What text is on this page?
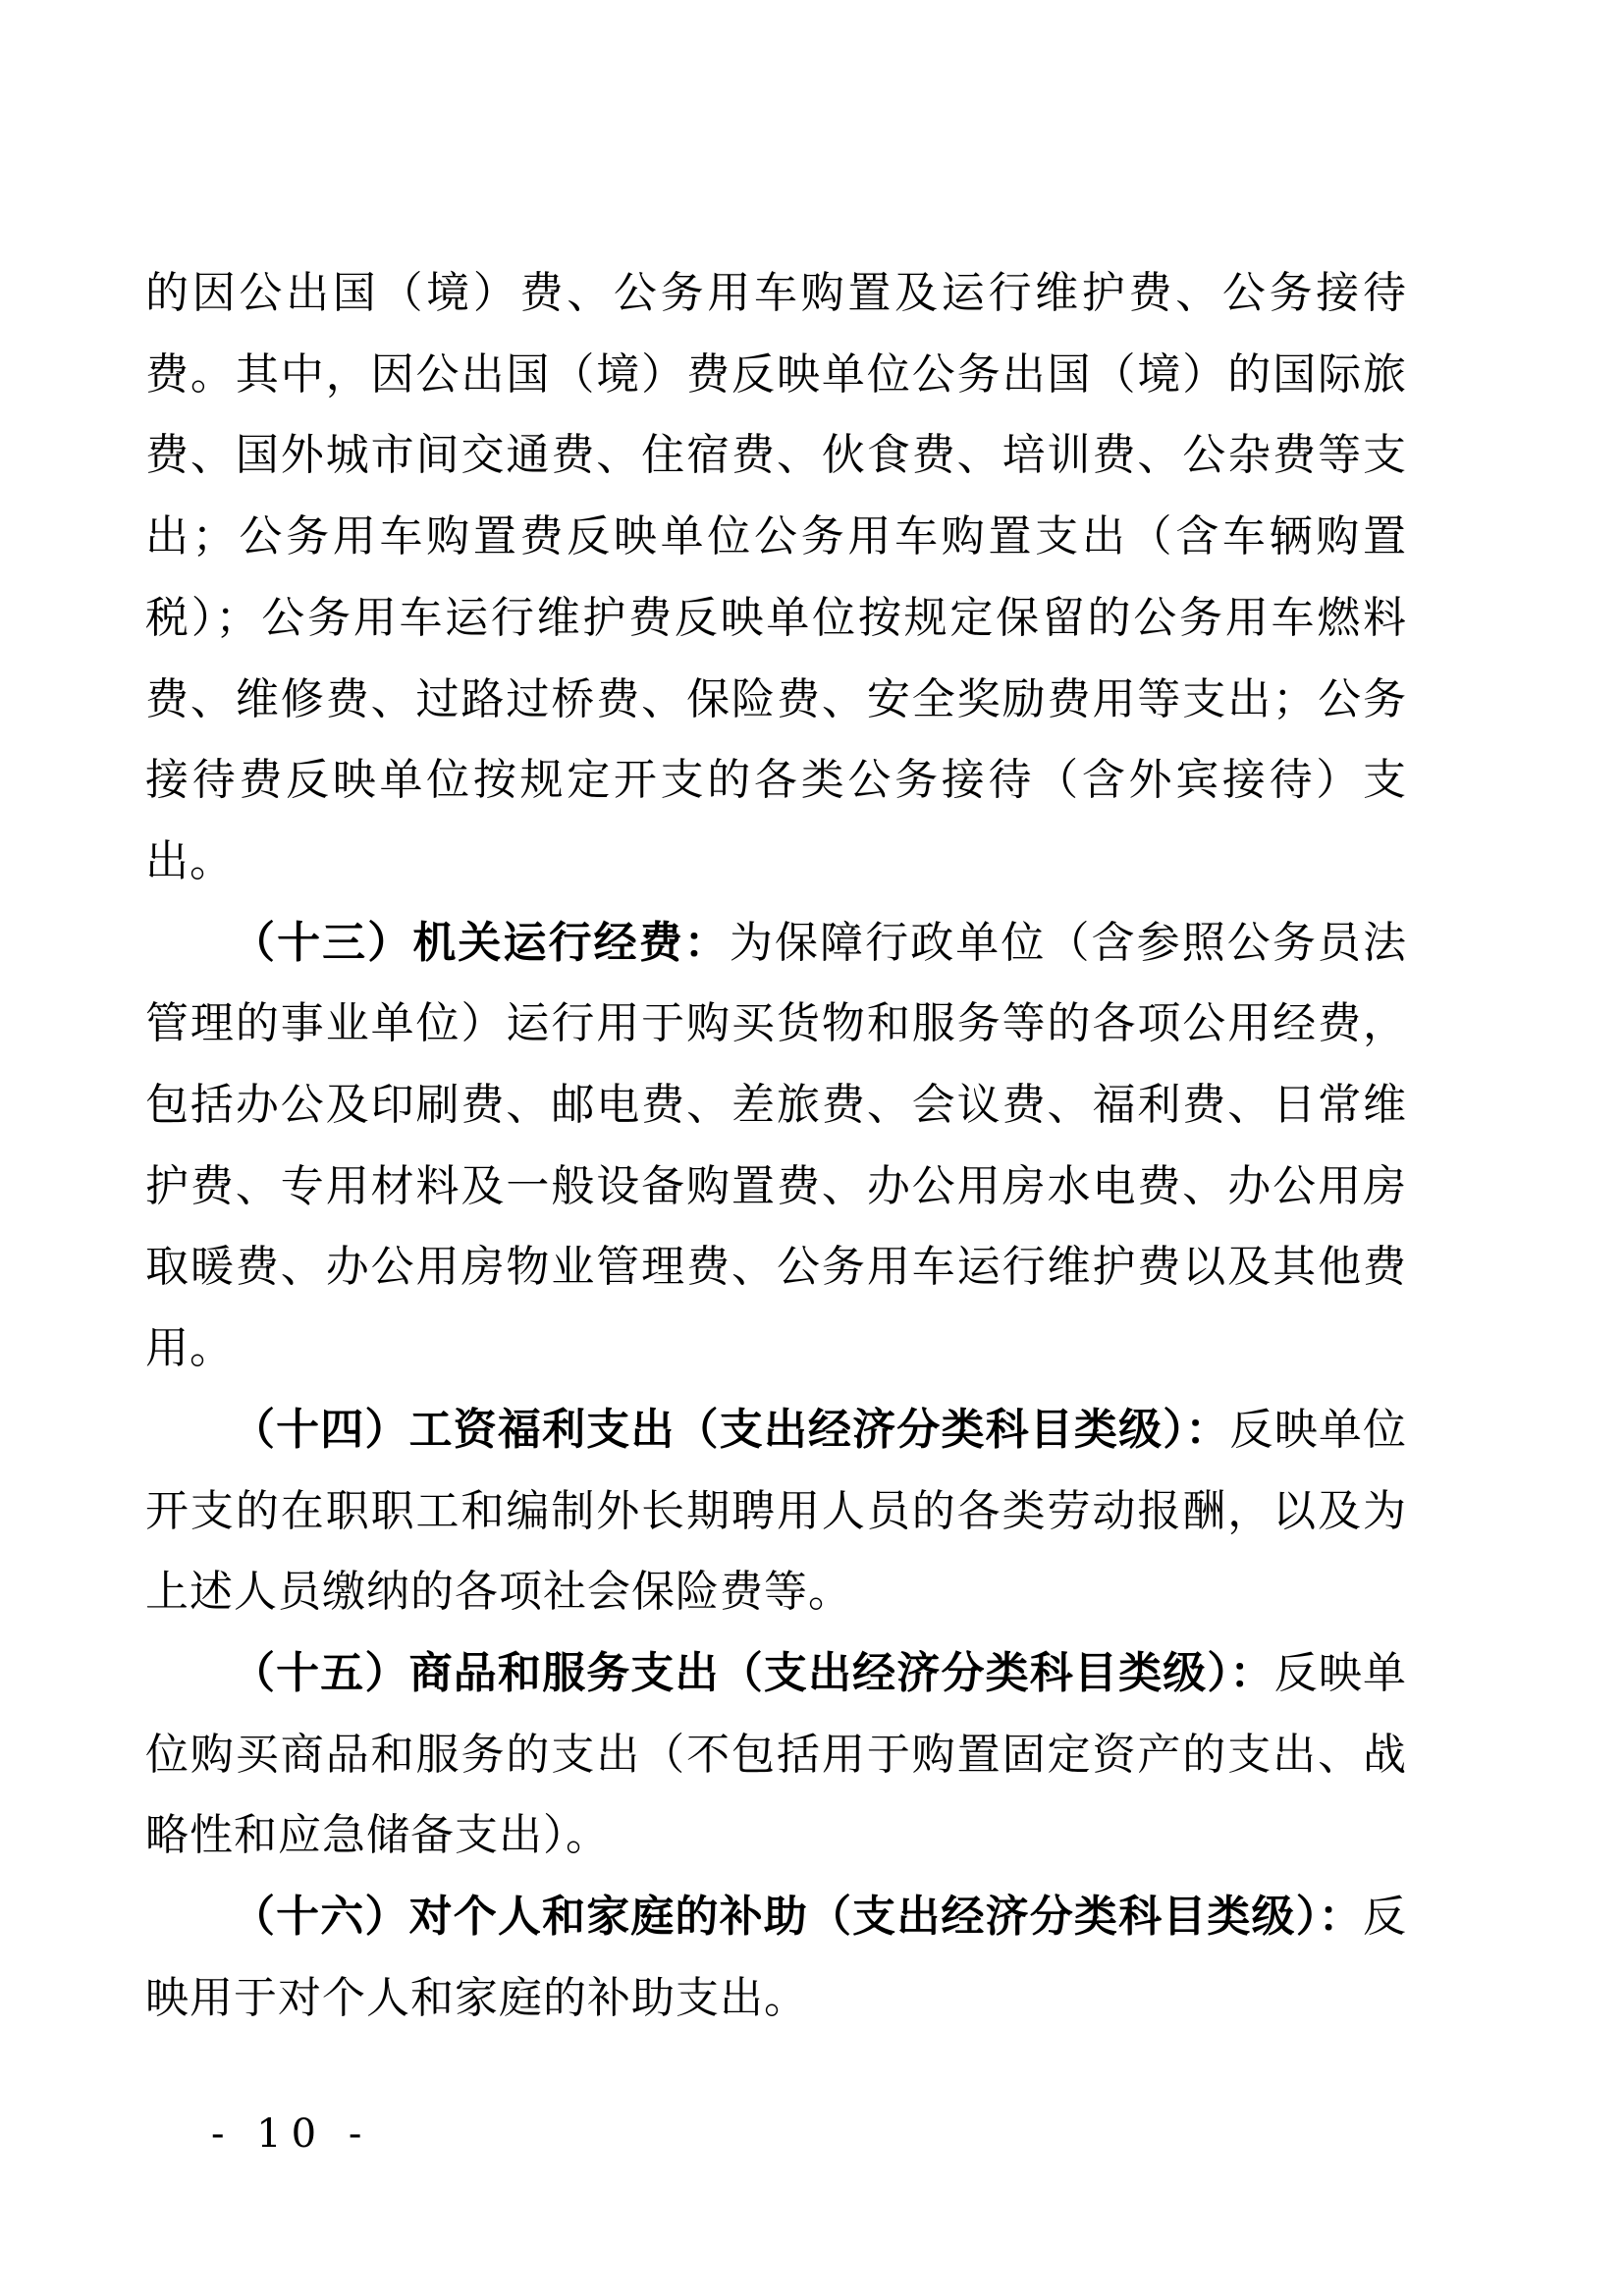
的因公出国（境）费、公务用车购置及运行维护费、公务接待费。其中，因公出国（境）费反映单位公务出国（境）的国际旅费、国外城市间交通费、住宿费、伙食费、培训费、公杂费等支出；公务用车购置费反映单位公务用车购置支出（含车辆购置税）；公务用车运行维护费反映单位按规定保留的公务用车燃料费、维修费、过路过桥费、保险费、安全奖励费用等支出；公务接待费反映单位按规定开支的各类公务接待（含外宾接待）支出。

（十三）机关运行经费：为保障行政单位（含参照公务员法管理的事业单位）运行用于购买货物和服务等的各项公用经费，包括办公及印刷费、邮电费、差旅费、会议费、福利费、日常维护费、专用材料及一般设备购置费、办公用房水电费、办公用房取暖费、办公用房物业管理费、公务用车运行维护费以及其他费用。

（十四）工资福利支出（支出经济分类科目类级）：反映单位开支的在职职工和编制外长期聘用人员的各类劳动报酬，以及为上述人员缴纳的各项社会保险费等。

（十五）商品和服务支出（支出经济分类科目类级）：反映单位购买商品和服务的支出（不包括用于购置固定资产的支出、战略性和应急储备支出）。

（十六）对个人和家庭的补助（支出经济分类科目类级）：反映用于对个人和家庭的补助支出。

- 10 -
